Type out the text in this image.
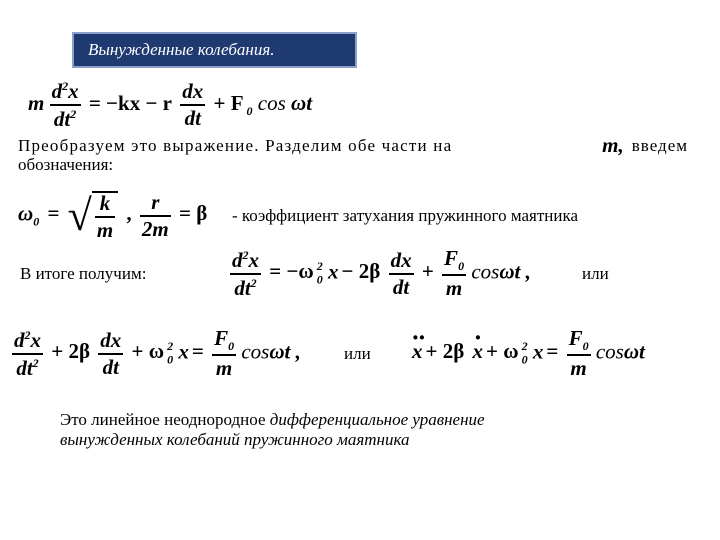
Вынужденные колебания.
m $\frac{d^2x}{dt^2} = -kx - r \frac{dx}{dt} + F$ $_0$ cos ωt
Преобразуем это выражение. Разделим обе части на	m, введем
обозначения:
$\omega_0$ = √ $\frac{k}{m}$ , $\frac{r}{2m} = \beta$ - коэффициент затухания пружинного маятника
В итоге получим:	$\frac{d^2x}{dt^2} = -\omega$ $_0^2$ $x - 2\beta \frac{dx}{dt} + \frac{F_0}{m}$ cosωt ,	или
$\frac{d^2x}{dt^2} + 2\beta \frac{dx}{dt} + \omega$ $_0^2$ $x = \frac{F_0}{m}$ cosωt ,	или ·· x + 2β · x + ω $_0^2$ $x = \frac{F_0}{m}$ cosωt
Это линейное неоднородное дифференциальное уравнение
вынужденных колебаний пружинного маятника
